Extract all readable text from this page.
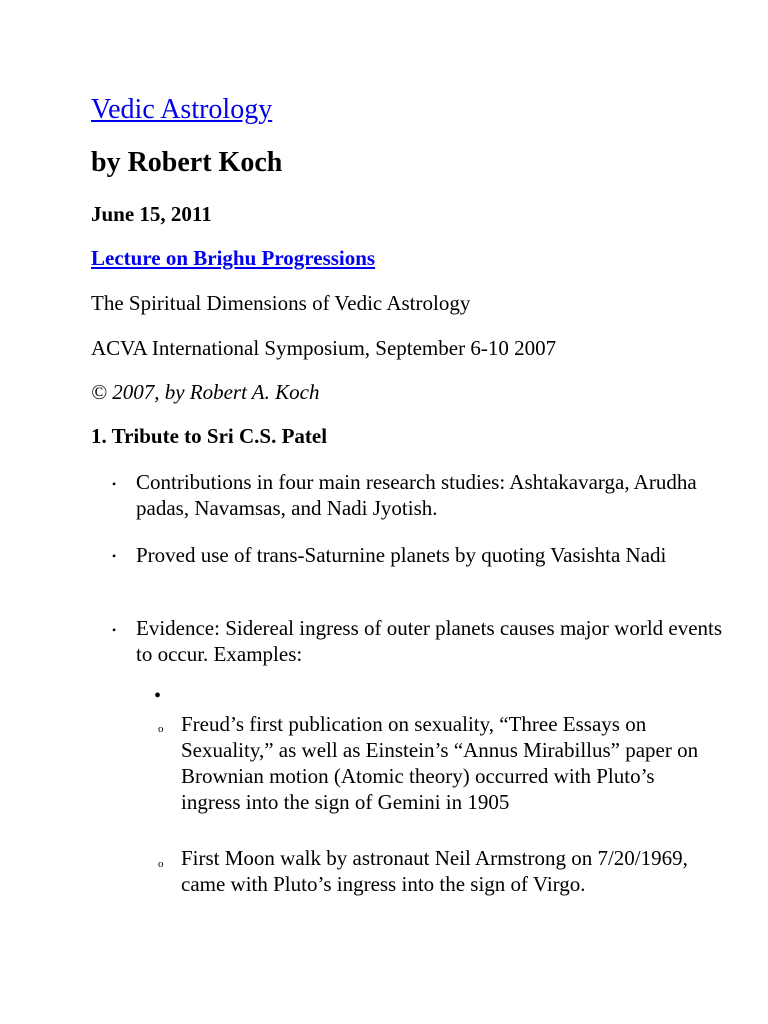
Vedic Astrology
by Robert Koch
June 15, 2011
Lecture on Brighu Progressions
The Spiritual Dimensions of Vedic Astrology
ACVA International Symposium, September 6-10 2007
© 2007, by Robert A. Koch
1. Tribute to Sri C.S. Patel
• Contributions in four main research studies: Ashtakavarga, Arudha padas, Navamsas, and Nadi Jyotish.
• Proved use of trans-Saturnine planets by quoting Vasishta Nadi
• Evidence: Sidereal ingress of outer planets causes major world events to occur. Examples:
•
o Freud’s first publication on sexuality, “Three Essays on Sexuality,” as well as Einstein’s “Annus Mirabillus” paper on Brownian motion (Atomic theory) occurred with Pluto’s ingress into the sign of Gemini in 1905
o First Moon walk by astronaut Neil Armstrong on 7/20/1969, came with Pluto’s ingress into the sign of Virgo.
